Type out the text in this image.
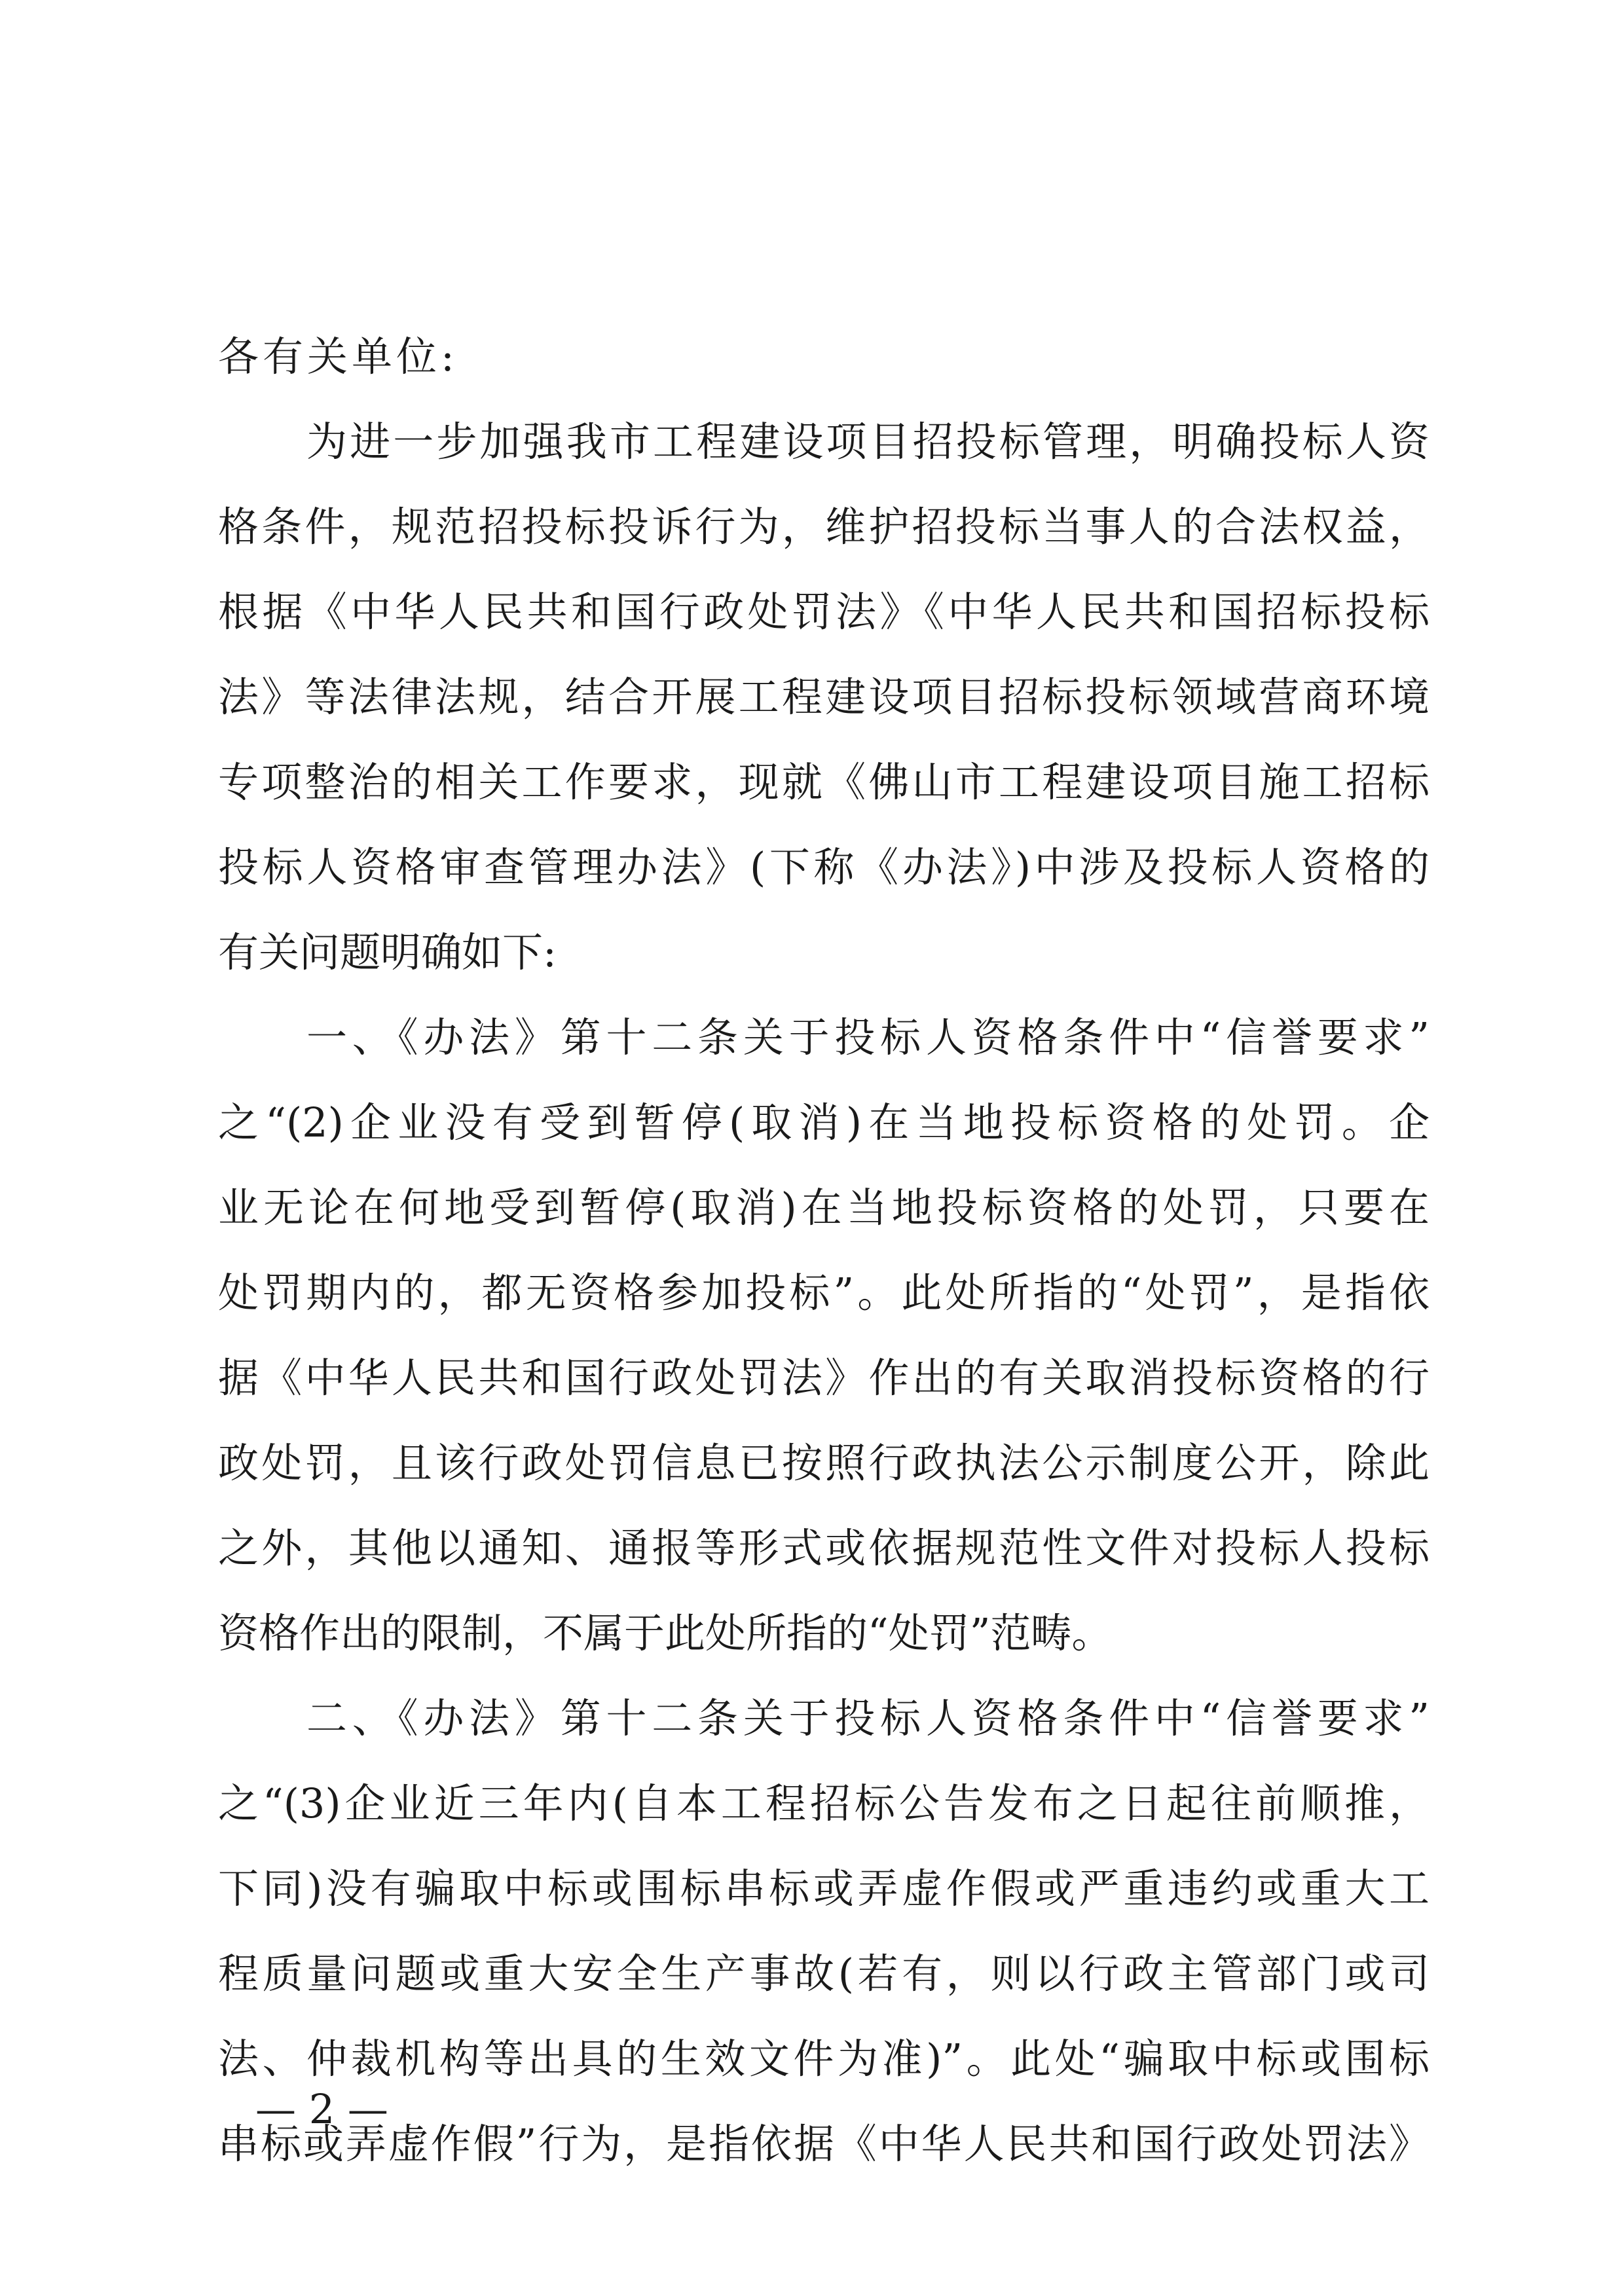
各有关单位:
为进一步加强我市工程建设项目招投标管理，明确投标人资
格条件，规范招投标投诉行为，维护招投标当事人的合法权益，
根据《中华人民共和国行政处罚法》《中华人民共和国招标投标
法》等法律法规，结合开展工程建设项目招标投标领域营商环境
专项整治的相关工作要求，现就《佛山市工程建设项目施工招标
投标人资格审查管理办法》(下称《办法》)中涉及投标人资格的
有关问题明确如下:
一、《办法》第十二条关于投标人资格条件中“信誉要求”
之“(2)企业没有受到暂停(取消)在当地投标资格的处罚。企
业无论在何地受到暂停(取消)在当地投标资格的处罚，只要在
处罚期内的，都无资格参加投标”。此处所指的“处罚”，是指依
据《中华人民共和国行政处罚法》作出的有关取消投标资格的行
政处罚，且该行政处罚信息已按照行政执法公示制度公开，除此
之外，其他以通知、通报等形式或依据规范性文件对投标人投标
资格作出的限制，不属于此处所指的“处罚”范畴。
二、《办法》第十二条关于投标人资格条件中“信誉要求”
之“(3)企业近三年内(自本工程招标公告发布之日起往前顺推，
下同)没有骗取中标或围标串标或弄虚作假或严重违约或重大工
程质量问题或重大安全生产事故(若有，则以行政主管部门或司
法、仲裁机构等出具的生效文件为准)”。此处“骗取中标或围标
串标或弄虚作假”行为，是指依据《中华人民共和国行政处罚法》
— 2 —
